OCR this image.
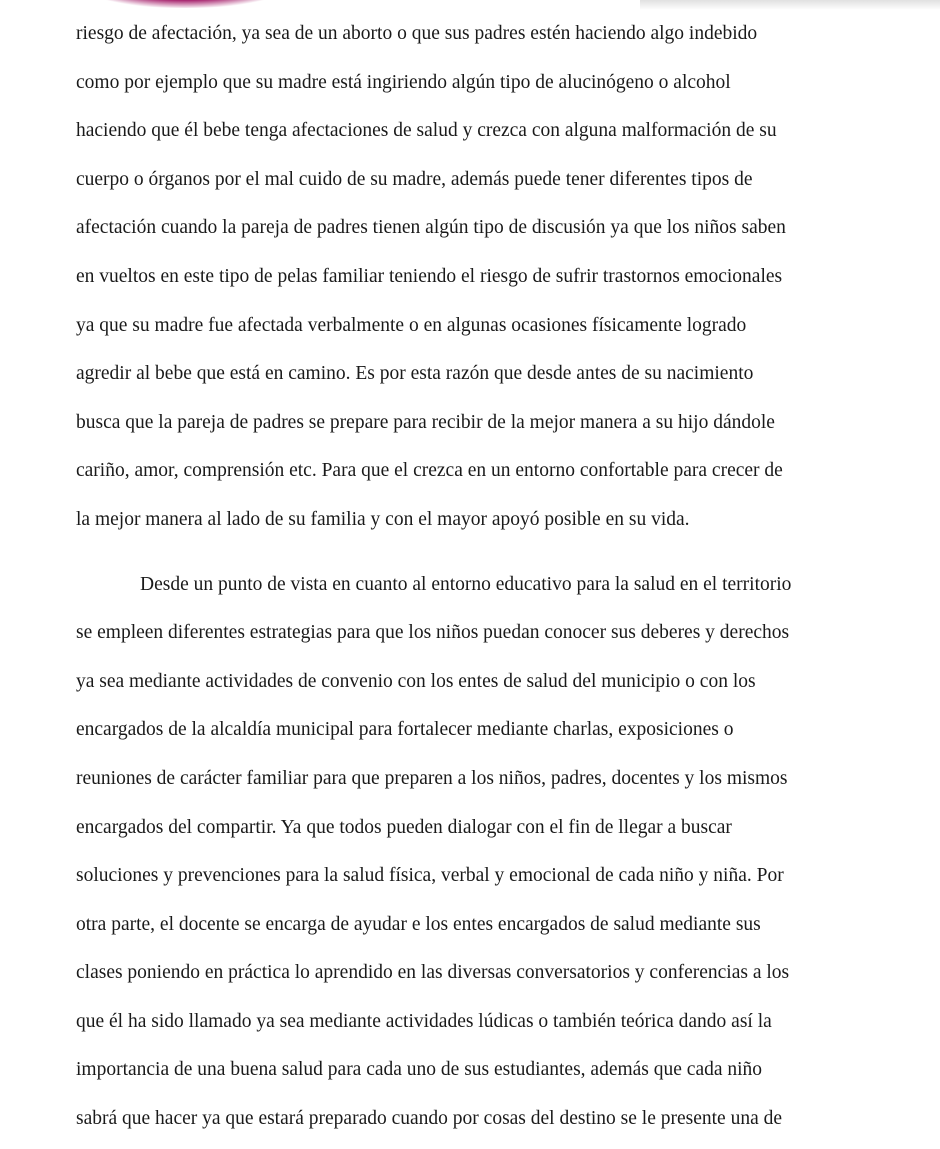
riesgo de afectación, ya sea de un aborto o que sus padres estén haciendo algo indebido
como por ejemplo que su madre está ingiriendo algún tipo de alucinógeno o alcohol
haciendo que él bebe tenga afectaciones de salud y crezca con alguna malformación de su
cuerpo o órganos por el mal cuido de su madre, además puede tener diferentes tipos de
afectación cuando la pareja de padres tienen algún tipo de discusión ya que los niños saben
en vueltos en este tipo de pelas familiar teniendo el riesgo de sufrir trastornos emocionales
ya que su madre fue afectada verbalmente o en algunas ocasiones físicamente logrado
agredir al bebe que está en camino. Es por esta razón que desde antes de su nacimiento
busca que la pareja de padres se prepare para recibir de la mejor manera a su hijo dándole
cariño, amor, comprensión etc. Para que el crezca en un entorno confortable para crecer de
la mejor manera al lado de su familia y con el mayor apoyó posible en su vida.
Desde un punto de vista en cuanto al entorno educativo para la salud en el territorio
se empleen diferentes estrategias para que los niños puedan conocer sus deberes y derechos
ya sea mediante actividades de convenio con los entes de salud del municipio o con los
encargados de la alcaldía municipal para fortalecer mediante charlas, exposiciones o
reuniones de carácter familiar para que preparen a los niños, padres, docentes y los mismos
encargados del compartir. Ya que todos pueden dialogar con el fin de llegar a buscar
soluciones y prevenciones para la salud física, verbal y emocional de cada niño y niña. Por
otra parte, el docente se encarga de ayudar e los entes encargados de salud mediante sus
clases poniendo en práctica lo aprendido en las diversas conversatorios y conferencias a los
que él ha sido llamado ya sea mediante actividades lúdicas o también teórica dando así la
importancia de una buena salud para cada uno de sus estudiantes, además que cada niño
sabrá que hacer ya que estará preparado cuando por cosas del destino se le presente una de
